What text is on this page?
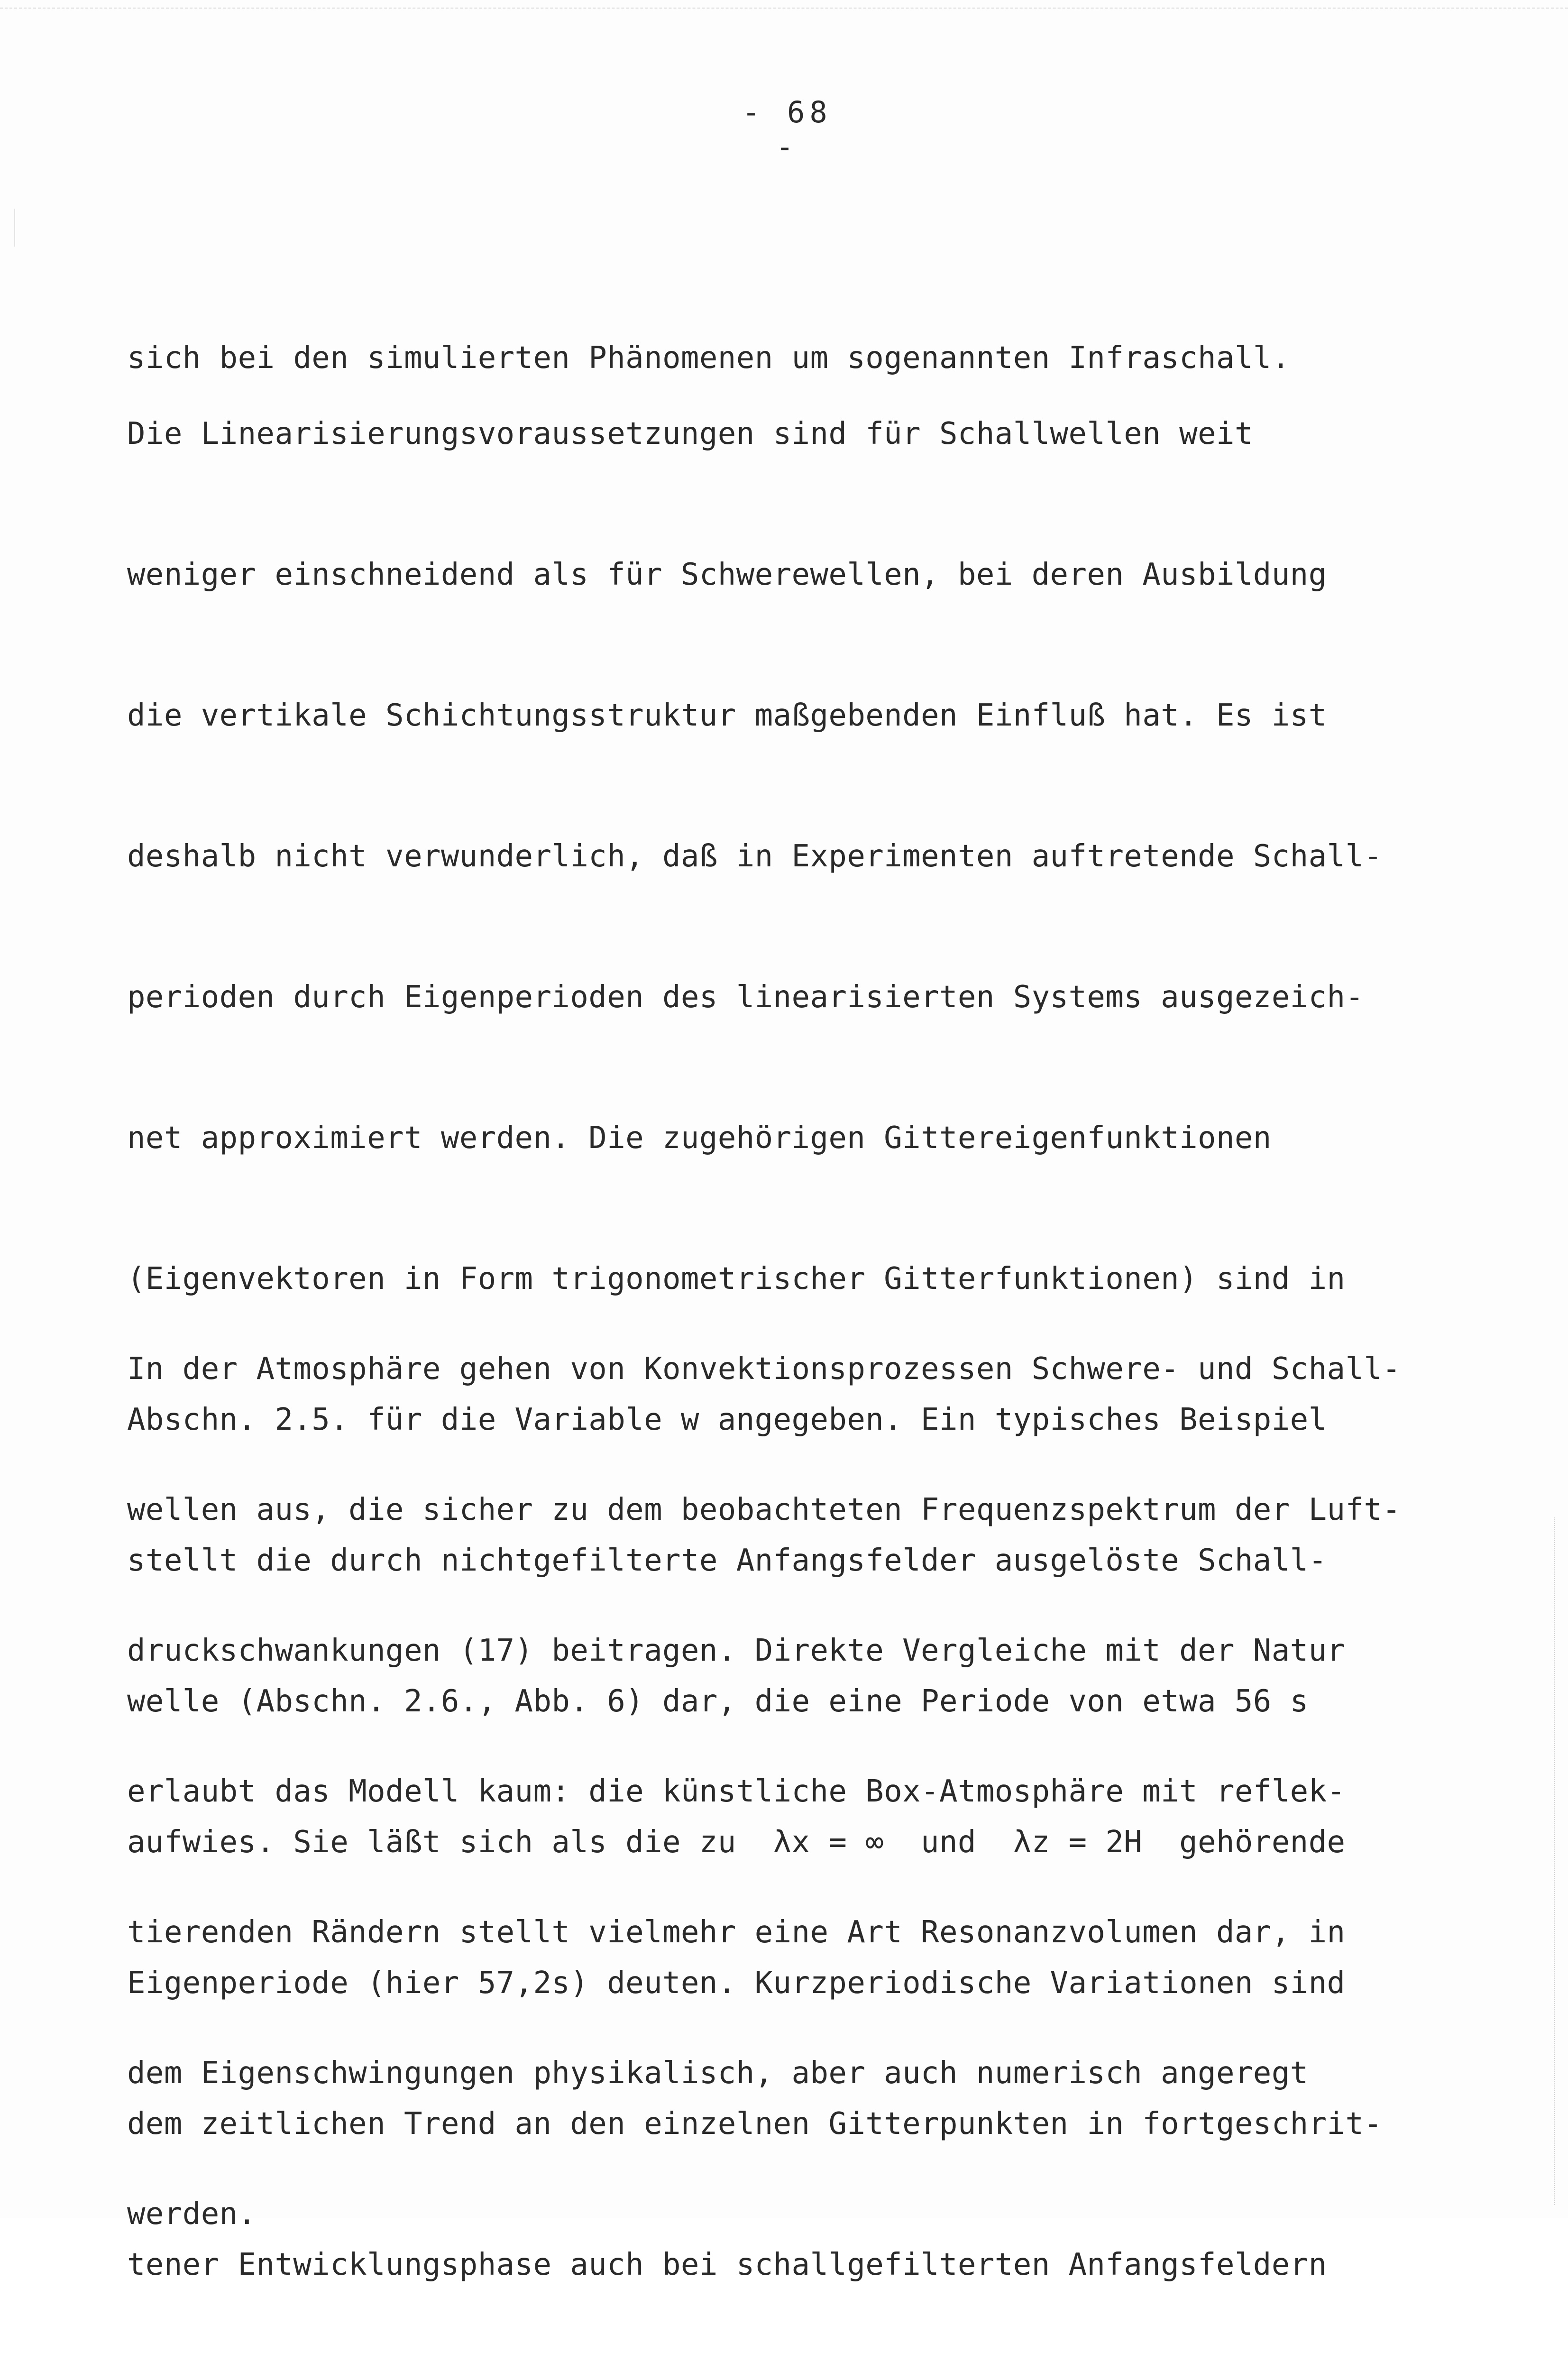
- 68 -

sich bei den simulierten Phänomenen um sogenannten Infraschall.

Die Linearisierungsvoraussetzungen sind für Schallwellen weit

weniger einschneidend als für Schwerewellen, bei deren Ausbildung

die vertikale Schichtungsstruktur maßgebenden Einfluß hat. Es ist

deshalb nicht verwunderlich, daß in Experimenten auftretende Schall-

perioden durch Eigenperioden des linearisierten Systems ausgezeich-

net approximiert werden. Die zugehörigen Gittereigenfunktionen

(Eigenvektoren in Form trigonometrischer Gitterfunktionen) sind in

Abschn. 2.5. für die Variable w angegeben. Ein typisches Beispiel

stellt die durch nichtgefilterte Anfangsfelder ausgelöste Schall-

welle (Abschn. 2.6., Abb. 6) dar, die eine Periode von etwa 56 s

aufwies. Sie läßt sich als die zu  λx = ∞  und  λz = 2H  gehörende

Eigenperiode (hier 57,2s) deuten. Kurzperiodische Variationen sind

dem zeitlichen Trend an den einzelnen Gitterpunkten in fortgeschrit-

tener Entwicklungsphase auch bei schallgefilterten Anfangsfeldern

In der Atmosphäre gehen von Konvektionsprozessen Schwere- und Schall-

wellen aus, die sicher zu dem beobachteten Frequenzspektrum der Luft-

druckschwankungen (17) beitragen. Direkte Vergleiche mit der Natur

erlaubt das Modell kaum: die künstliche Box-Atmosphäre mit reflek-

tierenden Rändern stellt vielmehr eine Art Resonanzvolumen dar, in

dem Eigenschwingungen physikalisch, aber auch numerisch angeregt

werden.
